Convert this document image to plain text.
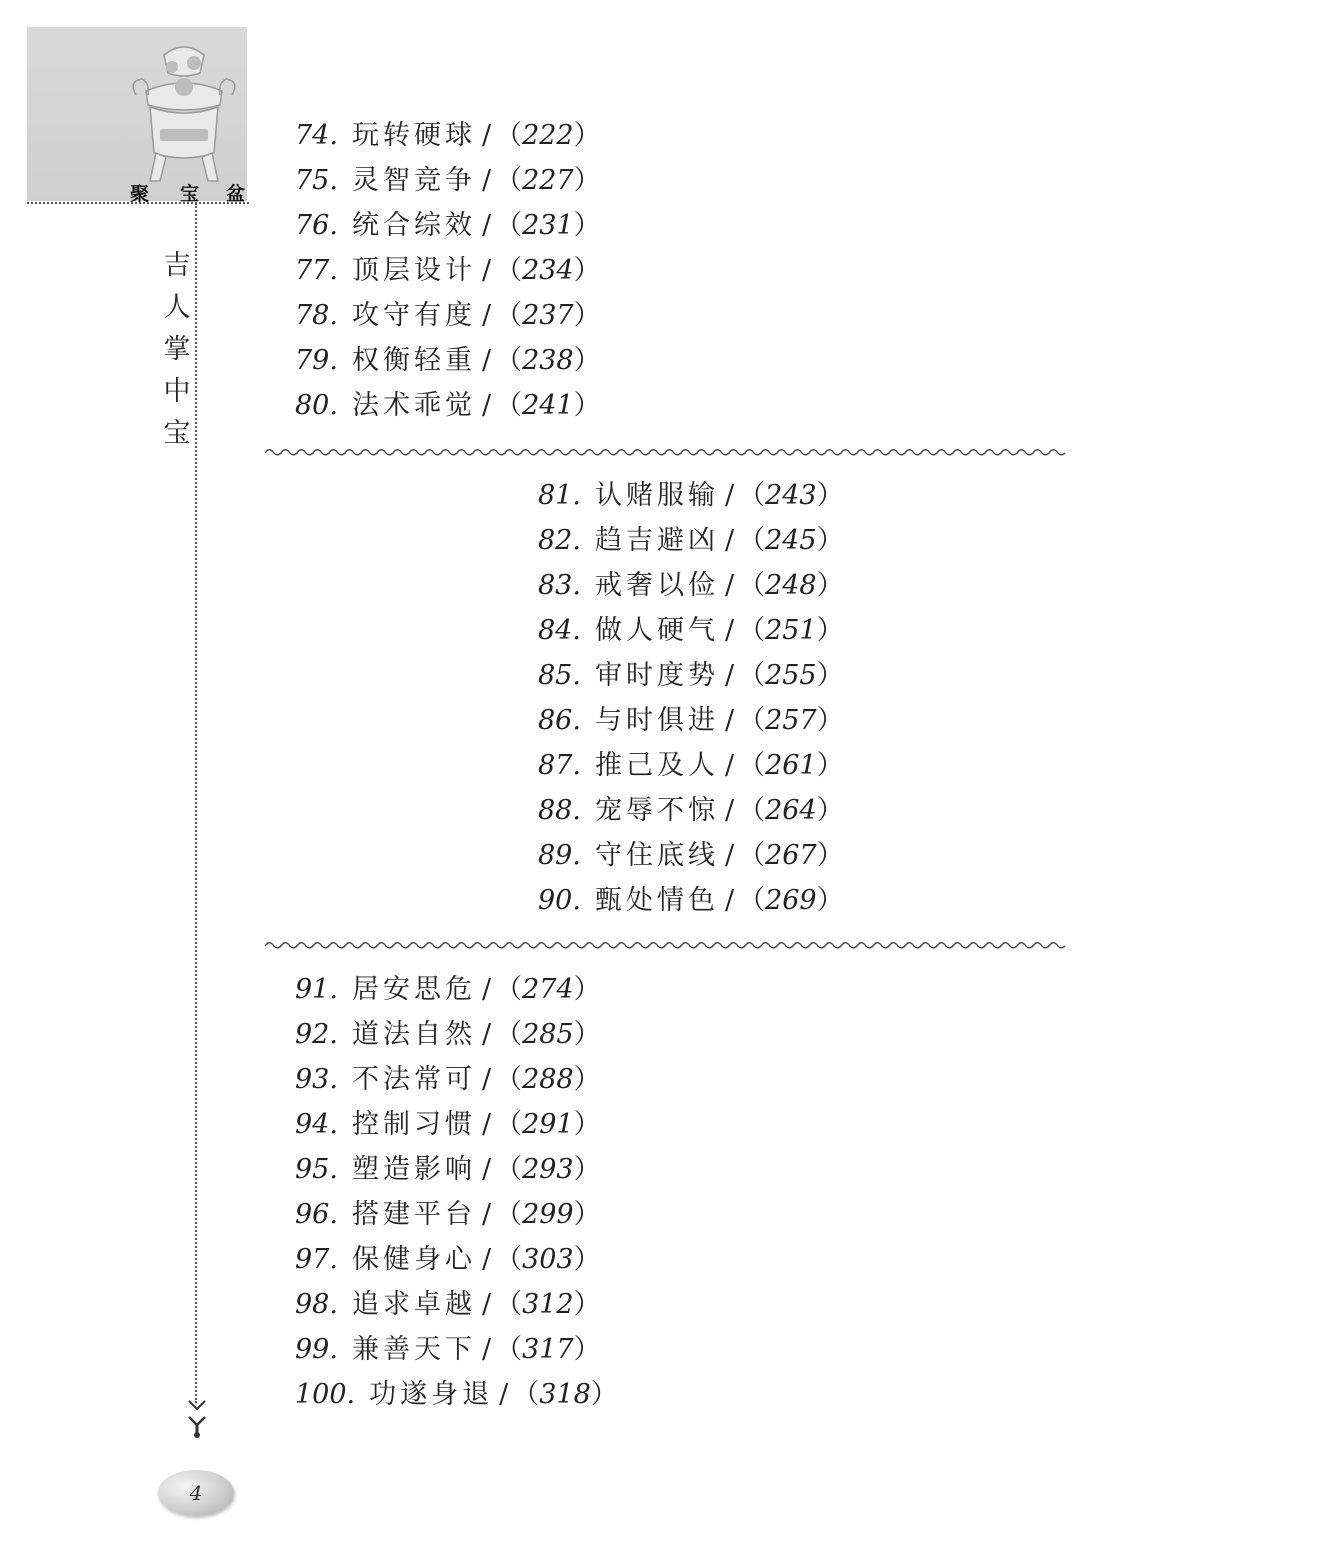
聚 宝 盆
吉
人
掌
中
宝
74. 玩转硬球 / （222）
75. 灵智竞争 / （227）
76. 统合综效 / （231）
77. 顶层设计 / （234）
78. 攻守有度 / （237）
79. 权衡轻重 / （238）
80. 法术乖觉 / （241）
81. 认赌服输 / （243）
82. 趋吉避凶 / （245）
83. 戒奢以俭 / （248）
84. 做人硬气 / （251）
85. 审时度势 / （255）
86. 与时俱进 / （257）
87. 推己及人 / （261）
88. 宠辱不惊 / （264）
89. 守住底线 / （267）
90. 甄处情色 / （269）
91. 居安思危 / （274）
92. 道法自然 / （285）
93. 不法常可 / （288）
94. 控制习惯 / （291）
95. 塑造影响 / （293）
96. 搭建平台 / （299）
97. 保健身心 / （303）
98. 追求卓越 / （312）
99. 兼善天下 / （317）
100. 功遂身退 / （318）
4
